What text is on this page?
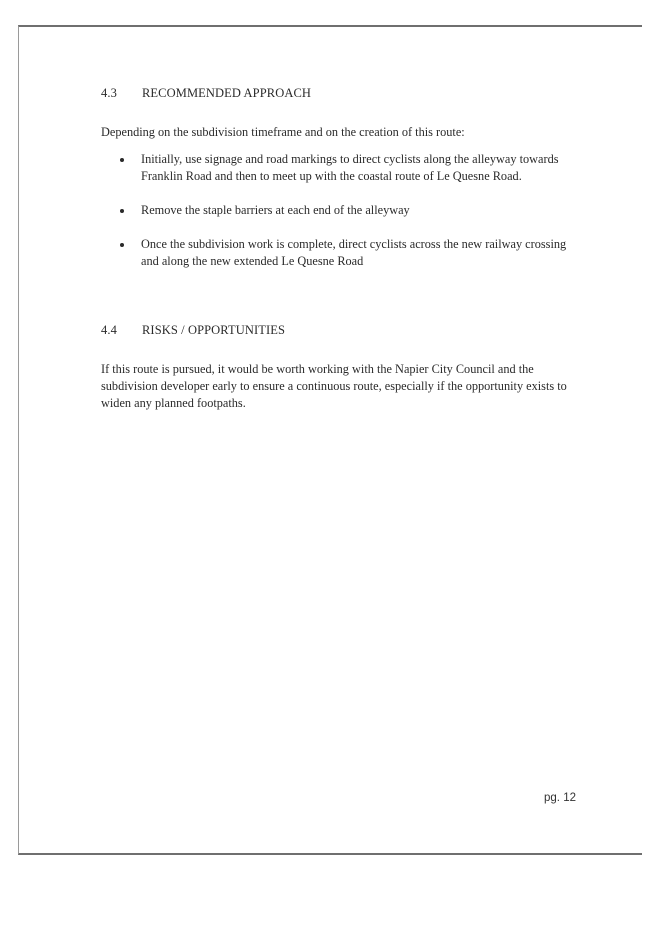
4.3 RECOMMENDED APPROACH
Depending on the subdivision timeframe and on the creation of this route:
Initially, use signage and road markings to direct cyclists along the alleyway towards Franklin Road and then to meet up with the coastal route of Le Quesne Road.
Remove the staple barriers at each end of the alleyway
Once the subdivision work is complete, direct cyclists across the new railway crossing and along the new extended Le Quesne Road
4.4 RISKS / OPPORTUNITIES
If this route is pursued, it would be worth working with the Napier City Council and the subdivision developer early to ensure a continuous route, especially if the opportunity exists to widen any planned footpaths.
pg. 12
